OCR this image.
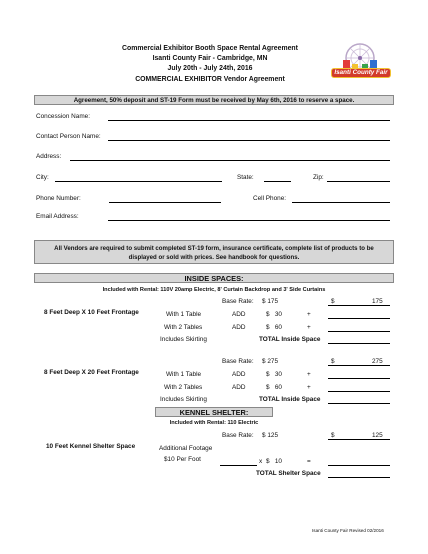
Commercial Exhibitor Booth Space Rental Agreement
Isanti County Fair - Cambridge, MN
July 20th - July 24th, 2016
COMMERCIAL EXHIBITOR Vendor Agreement
Isanti County Fair
Agreement, 50% deposit and ST-19 Form must be received by May 6th, 2016 to reserve a space.
Concession Name:
Contact Person Name:
Address:
City:	State:	Zip:
Phone Number:	Cell Phone:
Email Address:
All Vendors are required to submit completed ST-19 form, insurance certificate, complete list of products to be displayed or sold with prices. See handbook for questions.
INSIDE SPACES:
Included with Rental: 110V 20amp Electric, 8' Curtain Backdrop and 3' Side Curtains
8 Feet Deep X 10 Feet Frontage
Base Rate: $ 175	$	175
With 1 Table	ADD	$   30	+
With 2 Tables	ADD	$   60	+
Includes Skirting	TOTAL Inside Space
8 Feet Deep X 20 Feet Frontage
Base Rate: $ 275	$	275
With 1 Table	ADD	$   30	+
With 2 Tables	ADD	$   60	+
Includes Skirting	TOTAL Inside Space
KENNEL SHELTER:
Included with Rental: 110 Electric
10 Feet Kennel Shelter Space
Base Rate: $ 125	$	125
Additional Footage
$10 Per Foot	x $   10	=
TOTAL Shelter Space
Isanti County Fair Revised 02/2016
